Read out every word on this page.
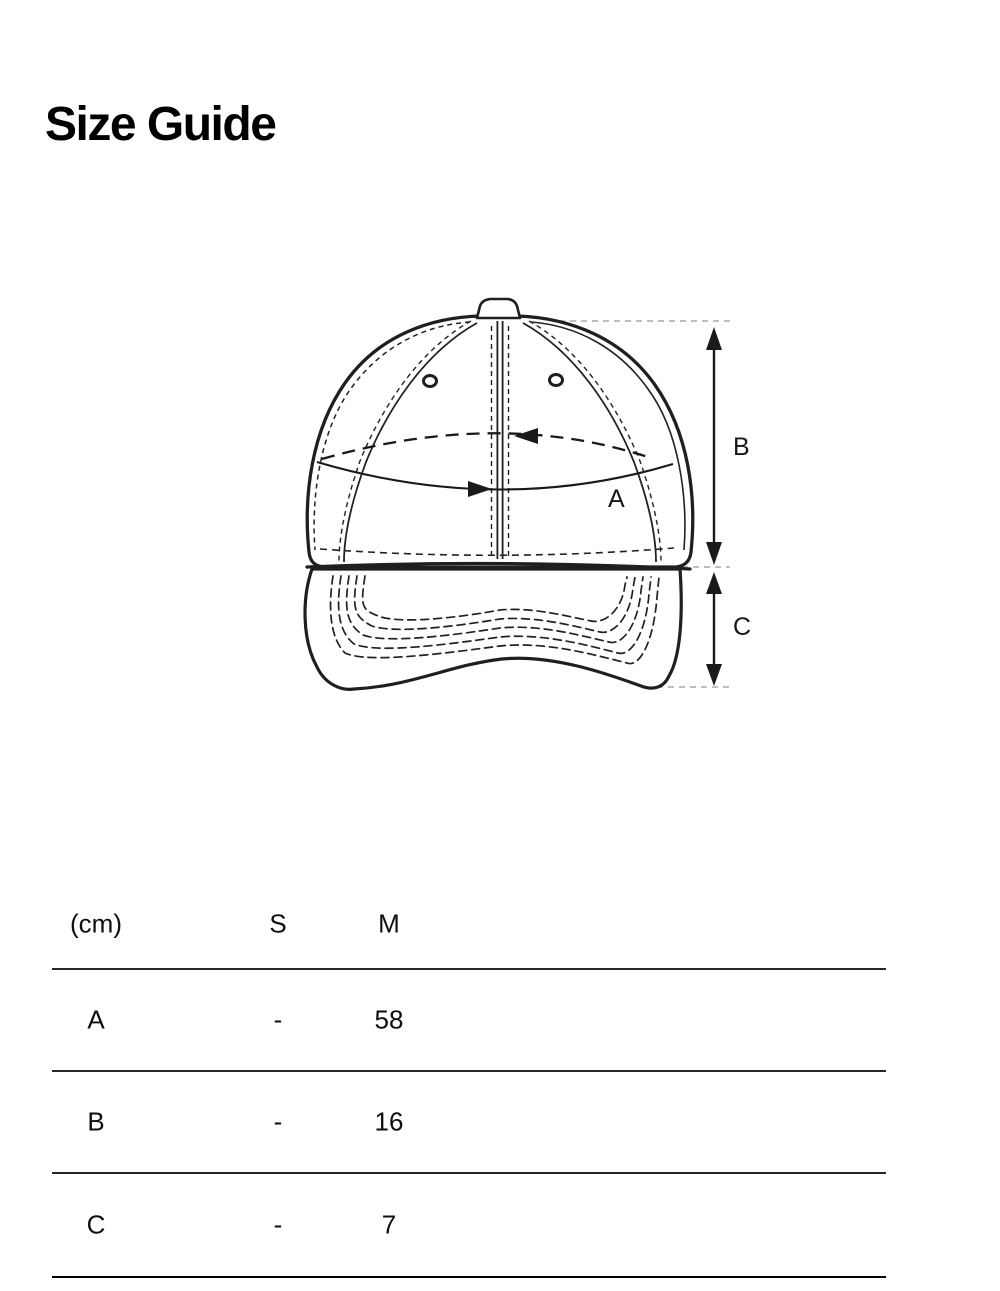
Size Guide
B
C
A
(cm)	S	M
A	-	58
B	-	16
C	-	7
